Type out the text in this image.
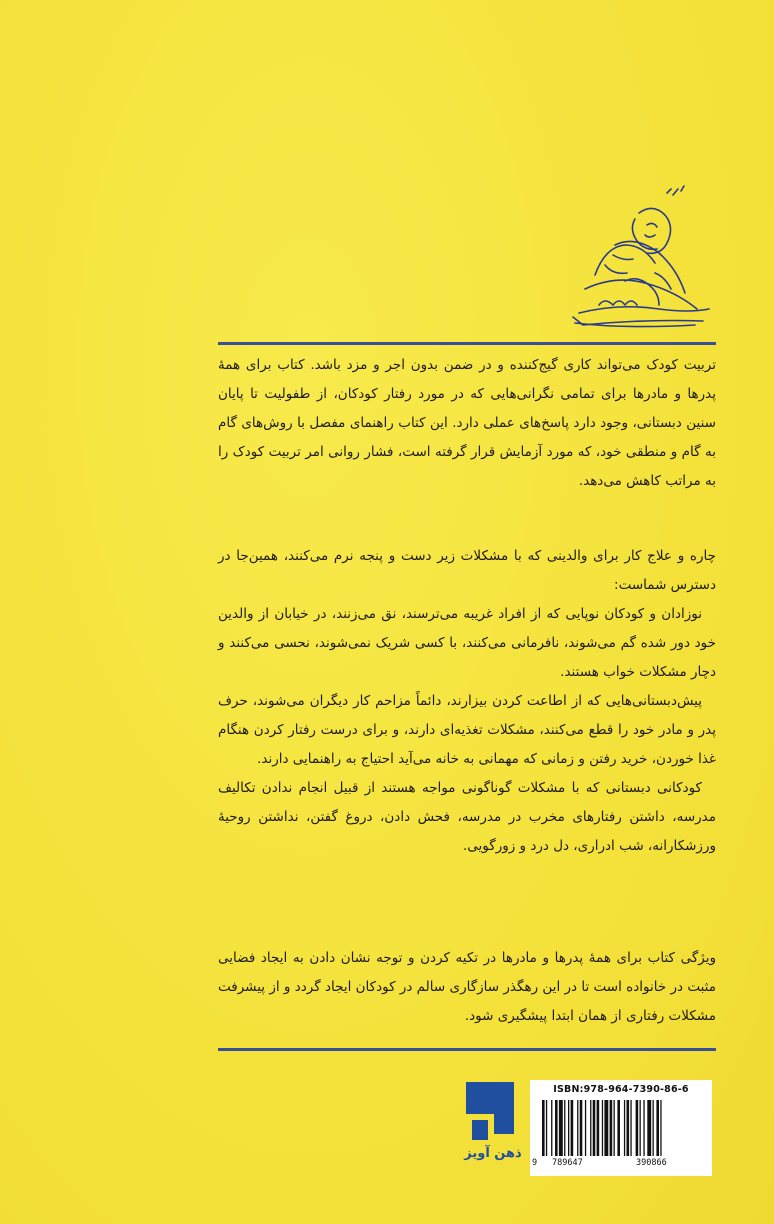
تربیت کودک می‌تواند کاری گیج‌کننده و در ضمن بدون اجر و مزد باشد. کتاب برای همهٔ پدرها و مادرها برای تمامی نگرانی‌هایی که در مورد رفتار کودکان، از طفولیت تا پایان سنین دبستانی، وجود دارد پاسخ‌های عملی دارد. این کتاب راهنمای مفصل با روش‌های گام به گام و منطقی خود، که مورد آزمایش قرار گرفته است، فشار روانی امر تربیت کودک را به مراتب کاهش می‌دهد.

چاره و علاج کار برای والدینی که با مشکلات زیر دست و پنجه نرم می‌کنند، همین‌جا در دسترس شماست:

نوزادان و کودکان نوپایی که از افراد غریبه می‌ترسند، نق می‌زنند، در خیابان از والدین خود دور شده گم می‌شوند، نافرمانی می‌کنند، با کسی شریک نمی‌شوند، نحسی می‌کنند و دچار مشکلات خواب هستند.

پیش‌دبستانی‌هایی که از اطاعت کردن بیزارند، دائماً مزاحم کار دیگران می‌شوند، حرف پدر و مادر خود را قطع می‌کنند، مشکلات تغذیه‌ای دارند، و برای درست رفتار کردن هنگام غذا خوردن، خرید رفتن و زمانی که مهمانی به خانه می‌آید احتیاج به راهنمایی دارند.

کودکانی دبستانی که با مشکلات گوناگونی مواجه هستند از قبیل انجام ندادن تکالیف مدرسه، داشتن رفتارهای مخرب در مدرسه، فحش دادن، دروغ گفتن، نداشتن روحیهٔ ورزشکارانه، شب ادراری، دل درد و زورگویی.

ویژگی کتاب برای همهٔ پدرها و مادرها در تکیه کردن و توجه نشان دادن به ایجاد فضایی مثبت در خانواده است تا در این رهگذر سازگاری سالم در کودکان ایجاد گردد و از پیشرفت مشکلات رفتاری از همان ابتدا پیشگیری شود.

ذهن آویز
ISBN:978-964-7390-86-6
9 789647	390866
